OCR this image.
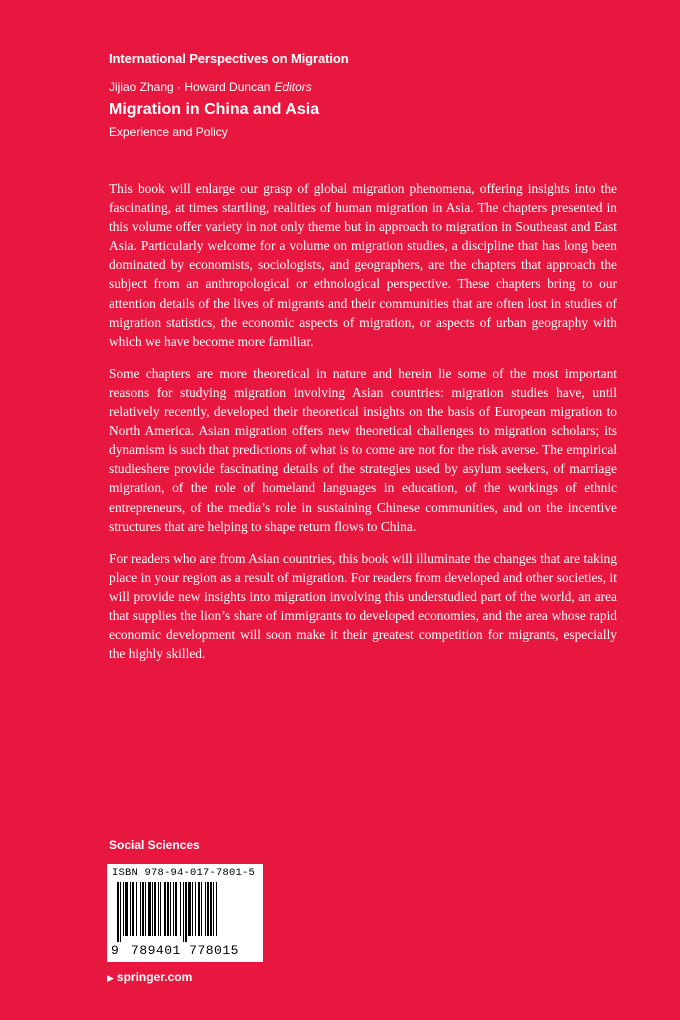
International Perspectives on Migration
Jijiao Zhang · Howard Duncan Editors
Migration in China and Asia
Experience and Policy

This book will enlarge our grasp of global migration phenomena, offering insights into the fascinating, at times startling, realities of human migration in Asia. The chapters presented in this volume offer variety in not only theme but in approach to migration in Southeast and East Asia. Particularly welcome for a volume on migration studies, a discipline that has long been dominated by economists, sociologists, and geographers, are the chapters that approach the subject from an anthropological or ethnological perspective. These chapters bring to our attention details of the lives of migrants and their communities that are often lost in studies of migration statistics, the economic aspects of migration, or aspects of urban geography with which we have become more familiar.

Some chapters are more theoretical in nature and herein lie some of the most important reasons for studying migration involving Asian countries: migration studies have, until relatively recently, developed their theoretical insights on the basis of European migration to North America. Asian migration offers new theoretical challenges to migration scholars; its dynamism is such that predictions of what is to come are not for the risk averse. The empirical studieshere provide fascinating details of the strategies used by asylum seekers, of marriage migration, of the role of homeland languages in education, of the workings of ethnic entrepreneurs, of the media’s role in sustaining Chinese communities, and on the incentive structures that are helping to shape return flows to China.

For readers who are from Asian countries, this book will illuminate the changes that are taking place in your region as a result of migration. For readers from developed and other societies, it will provide new insights into migration involving this understudied part of the world, an area that supplies the lion’s share of immigrants to developed economies, and the area whose rapid economic development will soon make it their greatest competition for migrants, especially the highly skilled.

Social Sciences
ISBN 978-94-017-7801-5
9 789401 778015
▶ springer.com
